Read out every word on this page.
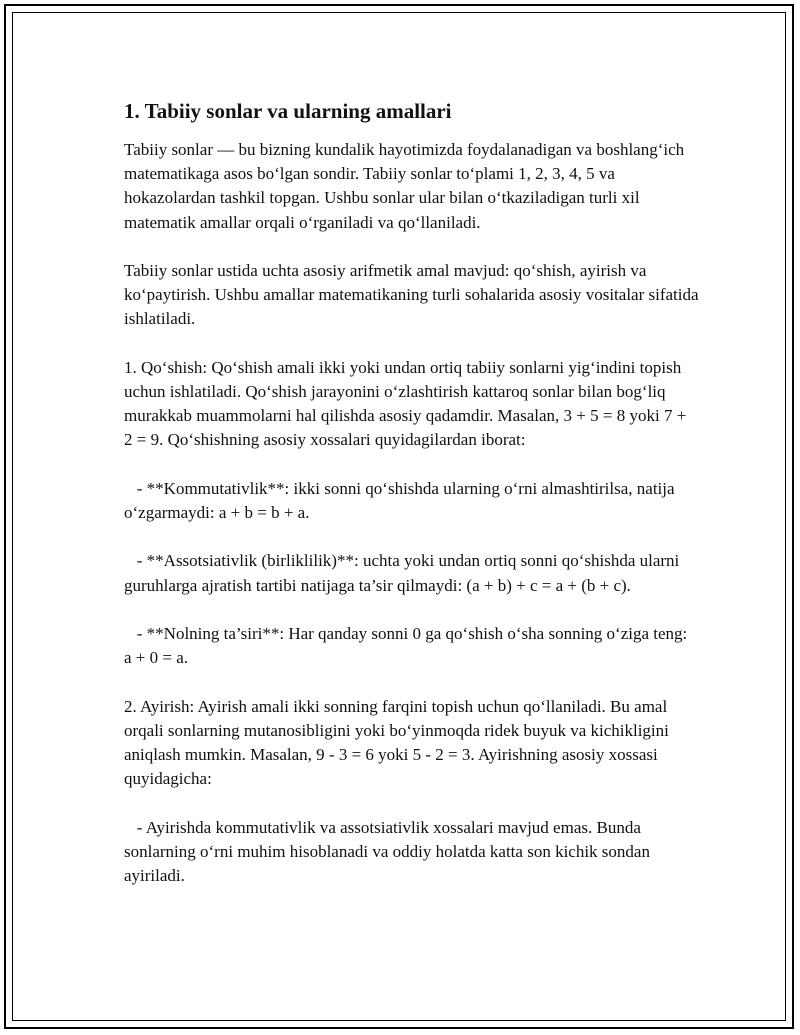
1. Tabiiy sonlar va ularning amallari

Tabiiy sonlar — bu bizning kundalik hayotimizda foydalanadigan va boshlang‘ich matematikaga asos bo‘lgan sondir. Tabiiy sonlar to‘plami 1, 2, 3, 4, 5 va hokazolardan tashkil topgan. Ushbu sonlar ular bilan o‘tkaziladigan turli xil matematik amallar orqali o‘rganiladi va qo‘llaniladi.

Tabiiy sonlar ustida uchta asosiy arifmetik amal mavjud: qo‘shish, ayirish va ko‘paytirish. Ushbu amallar matematikaning turli sohalarida asosiy vositalar sifatida ishlatiladi.

1. Qo‘shish: Qo‘shish amali ikki yoki undan ortiq tabiiy sonlarni yig‘indini topish uchun ishlatiladi. Qo‘shish jarayonini o‘zlashtirish kattaroq sonlar bilan bog‘liq murakkab muammolarni hal qilishda asosiy qadamdir. Masalan, 3 + 5 = 8 yoki 7 + 2 = 9. Qo‘shishning asosiy xossalari quyidagilardan iborat:

- **Kommutativlik**: ikki sonni qo‘shishda ularning o‘rni almashtirilsa, natija o‘zgarmaydi: a + b = b + a.

- **Assotsiativlik (birliklilik)**: uchta yoki undan ortiq sonni qo‘shishda ularni guruhlarga ajratish tartibi natijaga ta’sir qilmaydi: (a + b) + c = a + (b + c).

- **Nolning ta’siri**: Har qanday sonni 0 ga qo‘shish o‘sha sonning o‘ziga teng: a + 0 = a.

2. Ayirish: Ayirish amali ikki sonning farqini topish uchun qo‘llaniladi. Bu amal orqali sonlarning mutanosibligini yoki bo‘yinmoqda ridek buyuk va kichikligini aniqlash mumkin. Masalan, 9 - 3 = 6 yoki 5 - 2 = 3. Ayirishning asosiy xossasi quyidagicha:

- Ayirishda kommutativlik va assotsiativlik xossalari mavjud emas. Bunda sonlarning o‘rni muhim hisoblanadi va oddiy holatda katta son kichik sondan ayiriladi.
